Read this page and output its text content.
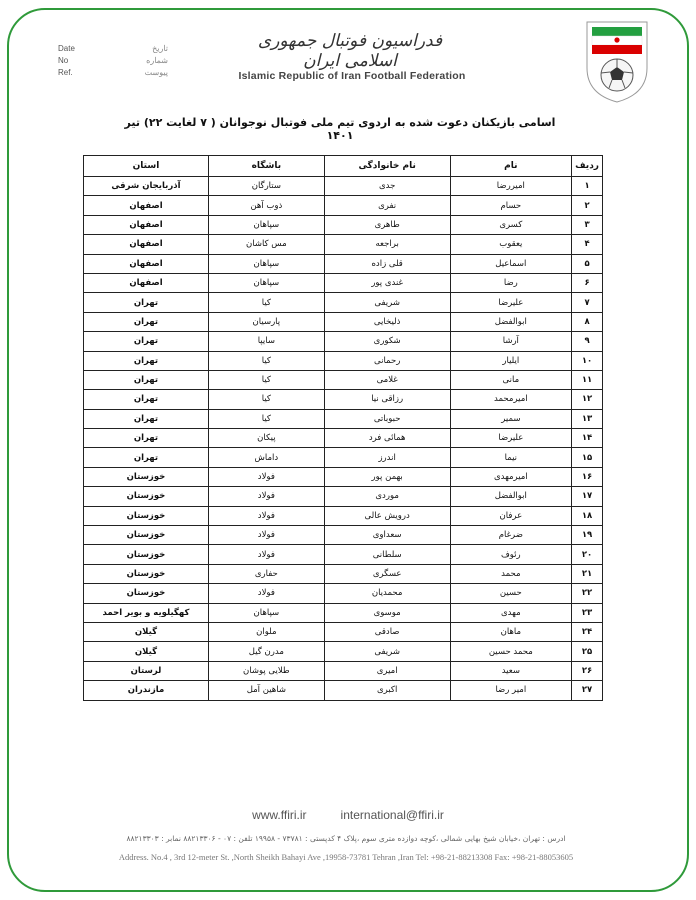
Date	تاریخ
No	شماره
Ref.	پیوست
فدراسیون فوتبال جمهوری اسلامی ایران
Islamic Republic of Iran Football Federation
اسامی بازیکنان دعوت شده به اردوی تیم ملی فوتبال نوجوانان ( ۷ لغایت ۲۲) تیر ۱۴۰۱
ردیف	نام	نام خانوادگی	باشگاه	استان
۱	امیررضا	جدی	ستارگان	آذربایجان شرقی
۲	حسام	نفری	ذوب آهن	اصفهان
۳	کسری	طاهری	سپاهان	اصفهان
۴	یعقوب	براجعه	مس کاشان	اصفهان
۵	اسماعیل	قلی زاده	سپاهان	اصفهان
۶	رضا	غندی پور	سپاهان	اصفهان
۷	علیرضا	شریفی	کیا	تهران
۸	ابوالفضل	ذلیخایی	پارسیان	تهران
۹	آرشا	شکوری	سایپا	تهران
۱۰	ایلیار	رحمانی	کیا	تهران
۱۱	مانی	غلامی	کیا	تهران
۱۲	امیرمحمد	رزاقی نیا	کیا	تهران
۱۳	سمیر	حبوباتی	کیا	تهران
۱۴	علیرضا	همائی فرد	پیکان	تهران
۱۵	نیما	اندرز	داماش	تهران
۱۶	امیرمهدی	بهمن پور	فولاد	خوزستان
۱۷	ابوالفضل	موردی	فولاد	خوزستان
۱۸	عرفان	درویش عالی	فولاد	خوزستان
۱۹	ضرغام	سعداوی	فولاد	خوزستان
۲۰	رئوف	سلطانی	فولاد	خوزستان
۲۱	محمد	عسگری	حفاری	خوزستان
۲۲	حسین	محمدیان	فولاد	خوزستان
۲۳	مهدی	موسوی	سپاهان	کهگیلویه و بویر احمد
۲۴	ماهان	صادقی	ملوان	گیلان
۲۵	محمد حسین	شریفی	مدرن گیل	گیلان
۲۶	سعید	امیری	طلایی پوشان	لرستان
۲۷	امیر رضا	اکبری	شاهین آمل	مازندران
www.ffiri.ir	international@ffiri.ir
ادرس : تهران ،خیابان شیخ بهایی شمالی ،کوچه دوازده متری سوم ،پلاک ۴ کدپستی : ۷۳۷۸۱ - ۱۹۹۵۸ تلفن : ۰۷ - ۸۸۲۱۳۳۰۶ نمابر : ۸۸۲۱۳۳۰۳
Address. No.4 , 3rd 12-meter St. ,North Sheikh Bahayi Ave ,19958-73781 Tehran ,Iran Tel: +98-21-88213308 Fax: +98-21-88053605
